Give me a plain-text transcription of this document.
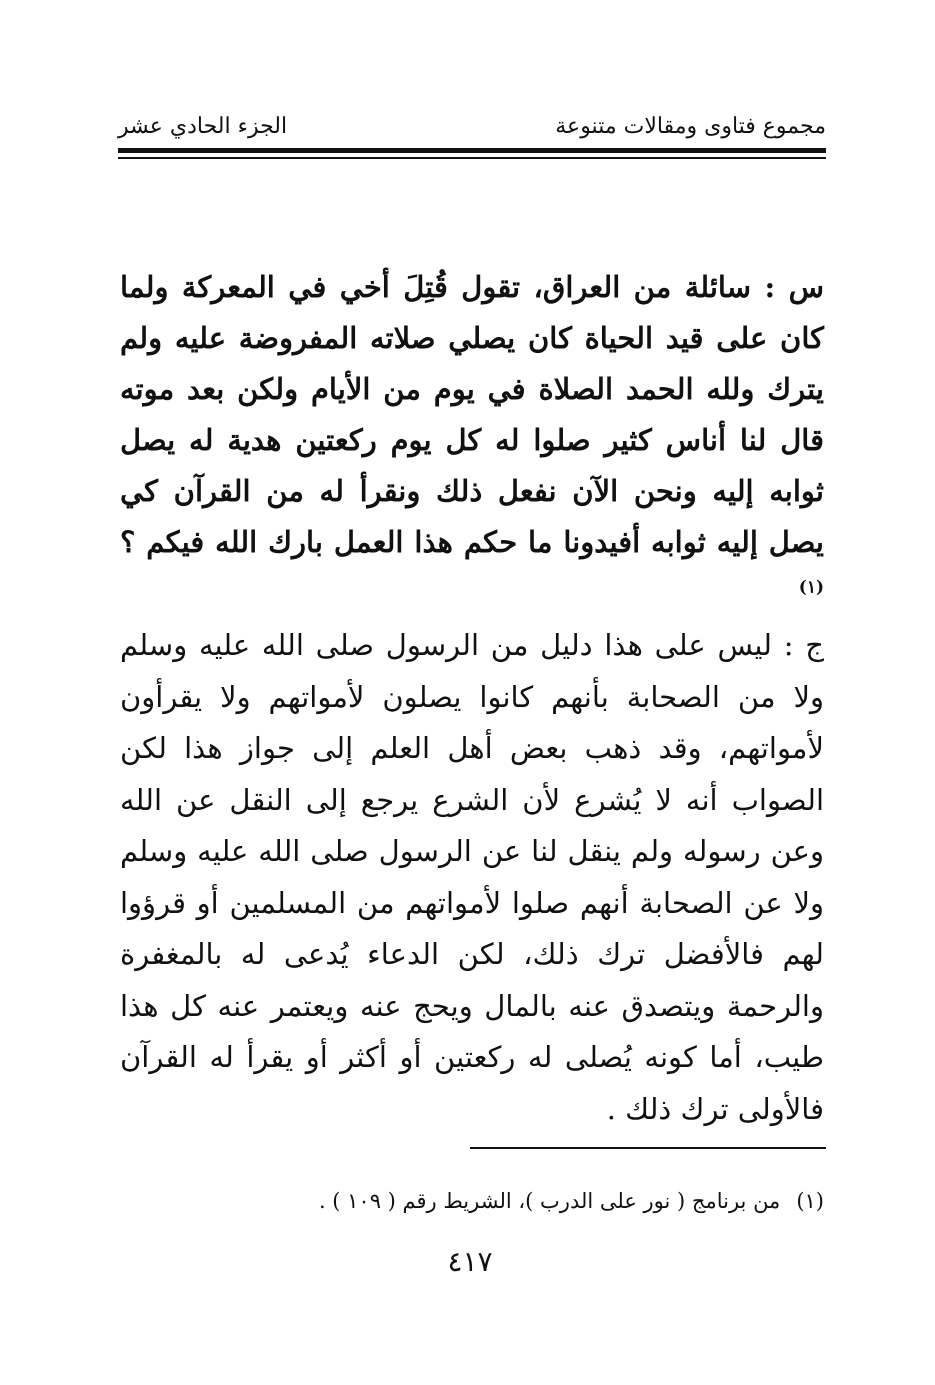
مجموع فتاوى ومقالات متنوعة
الجزء الحادي عشر

س : سائلة من العراق، تقول قُتِلَ أخي في المعركة ولما كان على قيد الحياة كان يصلي صلاته المفروضة عليه ولم يترك ولله الحمد الصلاة في يوم من الأيام ولكن بعد موته قال لنا أناس كثير صلوا له كل يوم ركعتين هدية له يصل ثوابه إليه ونحن الآن نفعل ذلك ونقرأ له من القرآن كي يصل إليه ثوابه أفيدونا ما حكم هذا العمل بارك الله فيكم ؟$^{(١)}$

ج : ليس على هذا دليل من الرسول صلى الله عليه وسلم ولا من الصحابة بأنهم كانوا يصلون لأمواتهم ولا يقرأون لأمواتهم، وقد ذهب بعض أهل العلم إلى جواز هذا لكن الصواب أنه لا يُشرع لأن الشرع يرجع إلى النقل عن الله وعن رسوله ولم ينقل لنا عن الرسول صلى الله عليه وسلم ولا عن الصحابة أنهم صلوا لأمواتهم من المسلمين أو قرؤوا لهم فالأفضل ترك ذلك، لكن الدعاء يُدعى له بالمغفرة والرحمة ويتصدق عنه بالمال ويحج عنه ويعتمر عنه كل هذا طيب، أما كونه يُصلى له ركعتين أو أكثر أو يقرأ له القرآن فالأولى ترك ذلك .

(١)من برنامج ( نور على الدرب )، الشريط رقم ( ١٠٩ ) .
٤١٧
